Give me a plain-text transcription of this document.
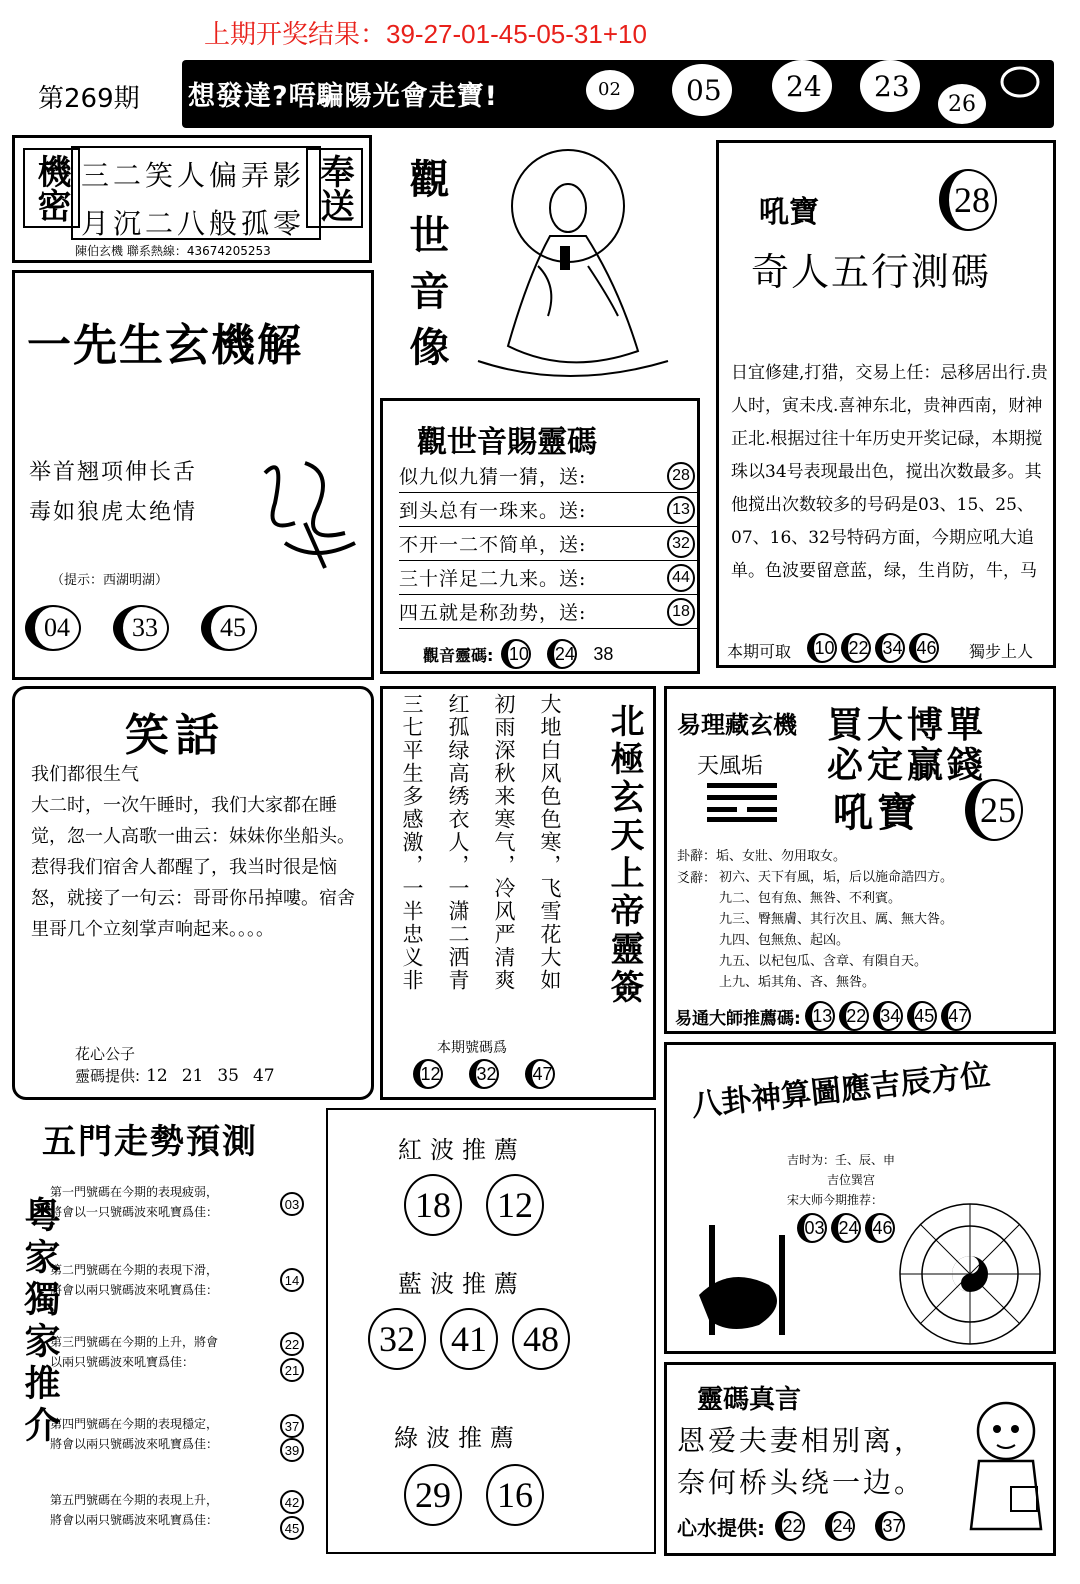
上期开奖结果：39-27-01-45-05-31+10
第269期 想發達?唔騙陽光會走寶!	02 05 24 23
26
機密	奉送
三二笑人偏弄影
月沉二八般孤零
陳伯玄機 聯系熱線：43674205253	觀世音像	吼寶	28
奇人五行測碼
日宜修建,打猎，交易上任：忌移居出行.贵人时，寅未戌.喜神东北，贵神西南，财神正北.根据过往十年历史开奖记碌，本期搅珠以34号表现最出色，搅出次数最多。其他搅出次数较多的号码是03、15、25、07、16、32号特码方面，今期应吼大追单。色波要留意蓝，绿，生肖防，牛，马
本期可取	10 22 34 46 獨步上人
一先生玄機解
举首翘项伸长舌
毒如狼虎太绝情
（提示：西湖明湖）
04	33	45
觀世音賜靈碼
似九似九猜一猜，送:	28
到头总有一珠来。送:	13
不开一二不简单，送:	32
三十洋足二九来。送:	44
四五就是称劲势，送:	18
觀音靈碼: 10	24 38
笑話
我们都很生气
大二时，一次午睡时，我们大家都在睡觉，忽一人高歌一曲云：妹妹你坐船头。惹得我们宿舍人都醒了，我当时很是恼怒，就接了一句云：哥哥你吊掉嘍。宿舍里哥几个立刻掌声响起来。。。。
花心公子
靈碼提供: 12 21 35 47
大地白风色色寒，飞雪花大如
初雨深秋来寒气，冷风严清爽
红孤绿高绣衣人，一潇二洒青
三七平生多感激，一半忠义非	北極玄天上帝靈簽
本期號碼爲
12	32	47
易理藏玄機
天風垢
買大博單
必定贏錢
吼寶	25
卦辭：垢、女壯、勿用取女。
爻辭： 初六、天下有風，垢，后以施命誥四方。
九二、包有魚、無咎、不利賓。
九三、臀無膚、其行次且、厲、無大咎。
九四、包無魚、起凶。
九五、以杞包瓜、含章、有隕自天。
上九、垢其角、吝、無咎。
易通大師推薦碼: 13 22 34 45 47
八卦神算圖應吉辰方位
吉时为：壬、辰、申
吉位巽宫
宋大师今期推荐：
03 24 46
五門走勢預測
粵家獨家推介
第一門號碼在今期的表現疲弱，
將會以一只號碼波來吼寶爲佳：
03
第二門號碼在今期的表現下滑，
將會以兩只號碼波來吼寶爲佳：
14
第三門號碼在今期的上升，將會
以兩只號碼波來吼寶爲佳：
22
21
第四門號碼在今期的表現穩定，
將會以兩只號碼波來吼寶爲佳：
37
39
第五門號碼在今期的表現上升，
將會以兩只號碼波來吼寶爲佳：
42
45
紅波推薦
18	12
藍波推薦
32	41	48
綠波推薦
29	16
靈碼真言
恩爱夫妻相别离，
奈何桥头绕一边。
心水提供: 22	24	37
